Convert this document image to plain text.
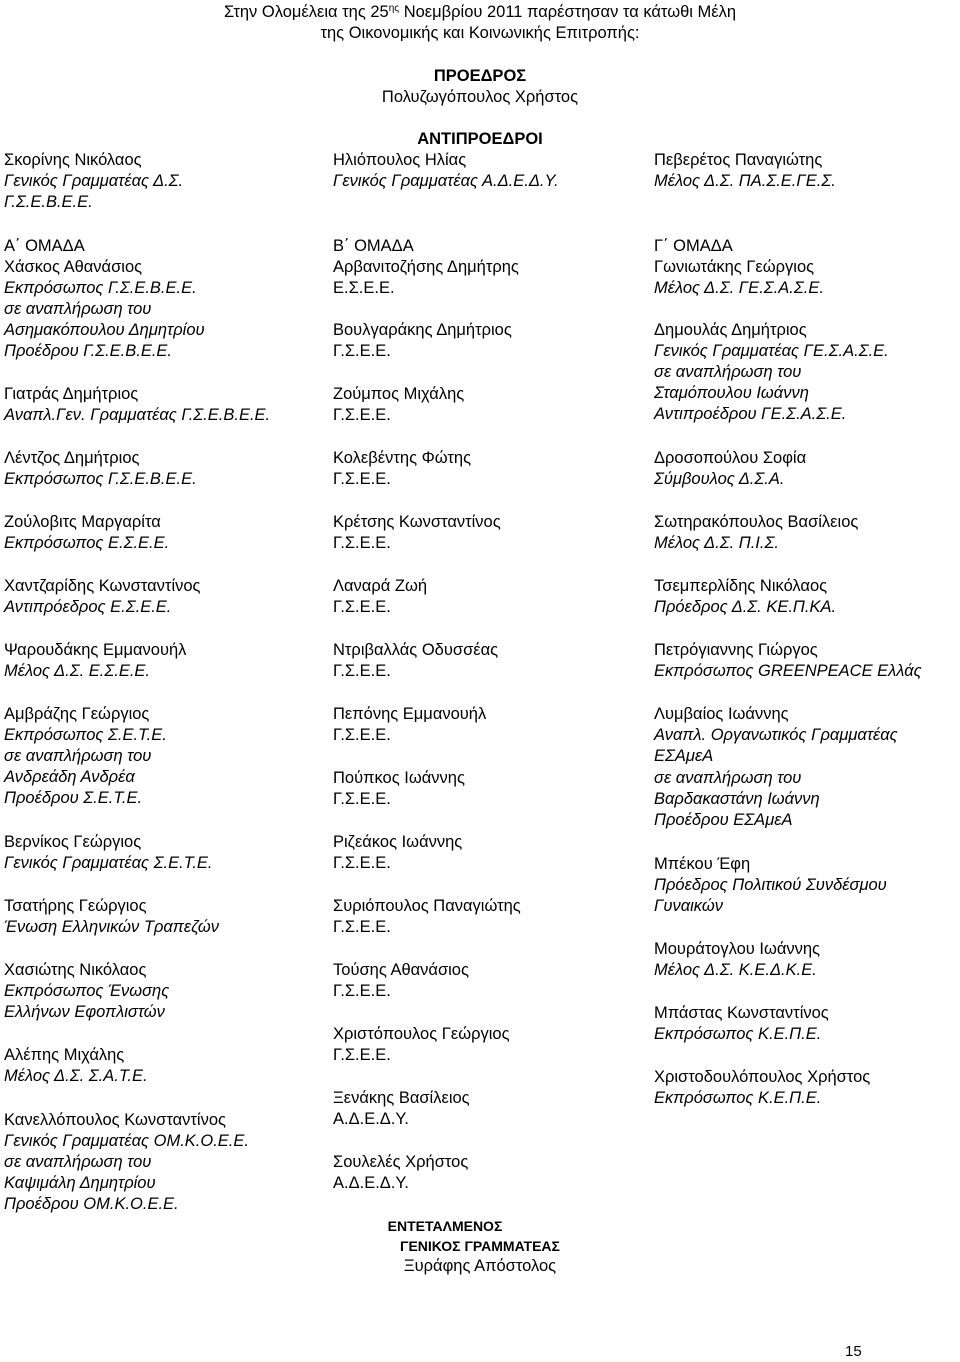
Στην Ολομέλεια της $25^{\eta\varsigma}$ Νοεμβρίου 2011 παρέστησαν τα κάτωθι Μέλη
της Οικονομικής και Κοινωνικής Επιτροπής:
ΠΡΟΕΔΡΟΣ
Πολυζωγόπουλος Χρήστος
ΑΝΤΙΠΡΟΕΔΡΟΙ
Σκορίνης Νικόλαος
Γενικός Γραμματέας Δ.Σ.
Γ.Σ.Ε.Β.Ε.Ε.
Ηλιόπουλος Ηλίας
Γενικός Γραμματέας Α.Δ.Ε.Δ.Υ.
Πεβερέτος Παναγιώτης
Μέλος Δ.Σ. ΠΑ.Σ.Ε.ΓΕ.Σ.
Α΄ ΟΜΑΔΑ	Β΄ ΟΜΑΔΑ	Γ΄ ΟΜΑΔΑ
Χάσκος Αθανάσιος
Εκπρόσωπος Γ.Σ.Ε.Β.Ε.Ε.
σε αναπλήρωση του
Ασημακόπουλου Δημητρίου
Προέδρου Γ.Σ.Ε.Β.Ε.Ε.
Γιατράς Δημήτριος
Αναπλ.Γεν. Γραμματέας Γ.Σ.Ε.Β.Ε.Ε.
Λέντζος Δημήτριος
Εκπρόσωπος Γ.Σ.Ε.Β.Ε.Ε.
Ζούλοβιτς Μαργαρίτα
Εκπρόσωπος Ε.Σ.Ε.Ε.
Χαντζαρίδης Κωνσταντίνος
Αντιπρόεδρος Ε.Σ.Ε.Ε.
Ψαρουδάκης Εμμανουήλ
Μέλος Δ.Σ. Ε.Σ.Ε.Ε.
Αμβράζης Γεώργιος
Εκπρόσωπος Σ.Ε.Τ.Ε.
σε αναπλήρωση του
Ανδρεάδη Ανδρέα
Προέδρου Σ.Ε.Τ.Ε.
Βερνίκος Γεώργιος
Γενικός Γραμματέας Σ.Ε.Τ.Ε.
Τσατήρης Γεώργιος
Ένωση Ελληνικών Τραπεζών
Χασιώτης Νικόλαος
Εκπρόσωπος Ένωσης
Ελλήνων Εφοπλιστών
Αλέπης Μιχάλης
Μέλος Δ.Σ. Σ.Α.Τ.Ε.
Κανελλόπουλος Κωνσταντίνος
Γενικός Γραμματέας ΟΜ.Κ.Ο.Ε.Ε.
σε αναπλήρωση του
Καψιμάλη Δημητρίου
Προέδρου ΟΜ.Κ.Ο.Ε.Ε.
Αρβανιτοζήσης Δημήτρης
Ε.Σ.Ε.Ε.
Βουλγαράκης Δημήτριος
Γ.Σ.Ε.Ε.
Ζούμπος Μιχάλης
Γ.Σ.Ε.Ε.
Κολεβέντης Φώτης
Γ.Σ.Ε.Ε.
Κρέτσης Κωνσταντίνος
Γ.Σ.Ε.Ε.
Λαναρά Ζωή
Γ.Σ.Ε.Ε.
Ντριβαλλάς Οδυσσέας
Γ.Σ.Ε.Ε.
Πεπόνης Εμμανουήλ
Γ.Σ.Ε.Ε.
Πούπκος Ιωάννης
Γ.Σ.Ε.Ε.
Ριζεάκος Ιωάννης
Γ.Σ.Ε.Ε.
Συριόπουλος Παναγιώτης
Γ.Σ.Ε.Ε.
Τούσης Αθανάσιος
Γ.Σ.Ε.Ε.
Χριστόπουλος Γεώργιος
Γ.Σ.Ε.Ε.
Ξενάκης Βασίλειος
Α.Δ.Ε.Δ.Υ.
Σουλελές Χρήστος
Α.Δ.Ε.Δ.Υ.
Γωνιωτάκης Γεώργιος
Μέλος Δ.Σ. ΓΕ.Σ.Α.Σ.Ε.
Δημουλάς Δημήτριος
Γενικός Γραμματέας ΓΕ.Σ.Α.Σ.Ε.
σε αναπλήρωση του
Σταμόπουλου Ιωάννη
Αντιπροέδρου ΓΕ.Σ.Α.Σ.Ε.
Δροσοπούλου Σοφία
Σύμβουλος Δ.Σ.Α.
Σωτηρακόπουλος Βασίλειος
Μέλος Δ.Σ. Π.Ι.Σ.
Τσεμπερλίδης Νικόλαος
Πρόεδρος Δ.Σ. ΚΕ.Π.ΚΑ.
Πετρόγιαννης Γιώργος
Εκπρόσωπος GREENPEACE Ελλάς
Λυμβαίος Ιωάννης
Αναπλ. Οργανωτικός Γραμματέας
ΕΣΑμεΑ
σε αναπλήρωση του
Βαρδακαστάνη Ιωάννη
Προέδρου ΕΣΑμεΑ
Μπέκου Έφη
Πρόεδρος Πολιτικού Συνδέσμου
Γυναικών
Μουράτογλου Ιωάννης
Μέλος Δ.Σ. Κ.Ε.Δ.Κ.Ε.
Μπάστας Κωνσταντίνος
Εκπρόσωπος Κ.Ε.Π.Ε.
Χριστοδουλόπουλος Χρήστος
Εκπρόσωπος Κ.Ε.Π.Ε.
ΕΝΤΕΤΑΛΜΕΝΟΣ
ΓΕΝΙΚΟΣ ΓΡΑΜΜΑΤΕΑΣ
Ξυράφης Απόστολος
15
